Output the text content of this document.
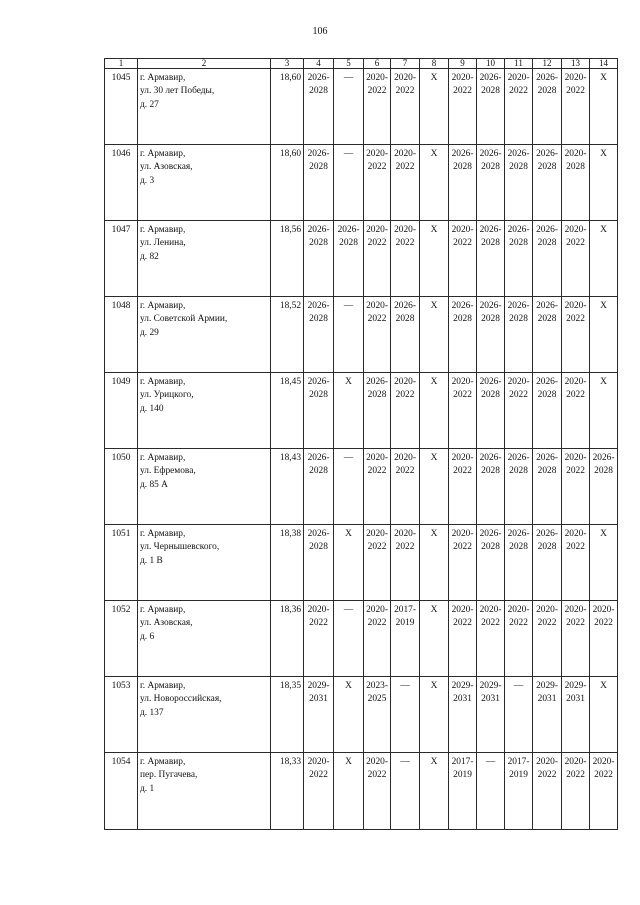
106
1	2	3	4	5	6	7	8	9	10	11	12	13	14
1045	г. Армавир,
ул. 30 лет Победы,
д. 27	18,60	2026-2028	—	2020-2022	2020-2022	X	2020-2022	2026-2028	2020-2022	2026-2028	2020-2022	X
1046	г. Армавир,
ул. Азовская,
д. 3	18,60	2026-2028	—	2020-2022	2020-2022	X	2026-2028	2026-2028	2026-2028	2026-2028	2020-2028	X
1047	г. Армавир,
ул. Ленина,
д. 82	18,56	2026-2028	2026-2028	2020-2022	2020-2022	X	2020-2022	2026-2028	2026-2028	2026-2028	2020-2022	X
1048	г. Армавир,
ул. Советской Армии,
д. 29	18,52	2026-2028	—	2020-2022	2026-2028	X	2026-2028	2026-2028	2026-2028	2026-2028	2020-2022	X
1049	г. Армавир,
ул. Урицкого,
д. 140	18,45	2026-2028	X	2026-2028	2020-2022	X	2020-2022	2026-2028	2020-2022	2026-2028	2020-2022	X
1050	г. Армавир,
ул. Ефремова,
д. 85 А	18,43	2026-2028	—	2020-2022	2020-2022	X	2020-2022	2026-2028	2026-2028	2026-2028	2020-2022	2026-2028
1051	г. Армавир,
ул. Чернышевского,
д. 1 В	18,38	2026-2028	X	2020-2022	2020-2022	X	2020-2022	2026-2028	2026-2028	2026-2028	2020-2022	X
1052	г. Армавир,
ул. Азовская,
д. 6	18,36	2020-2022	—	2020-2022	2017-2019	X	2020-2022	2020-2022	2020-2022	2020-2022	2020-2022	2020-2022
1053	г. Армавир,
ул. Новороссийская,
д. 137	18,35	2029-2031	X	2023-2025	—	X	2029-2031	2029-2031	—	2029-2031	2029-2031	X
1054	г. Армавир,
пер. Пугачева,
д. 1	18,33	2020-2022	X	2020-2022	—	X	2017-2019	—	2017-2019	2020-2022	2020-2022	2020-2022
